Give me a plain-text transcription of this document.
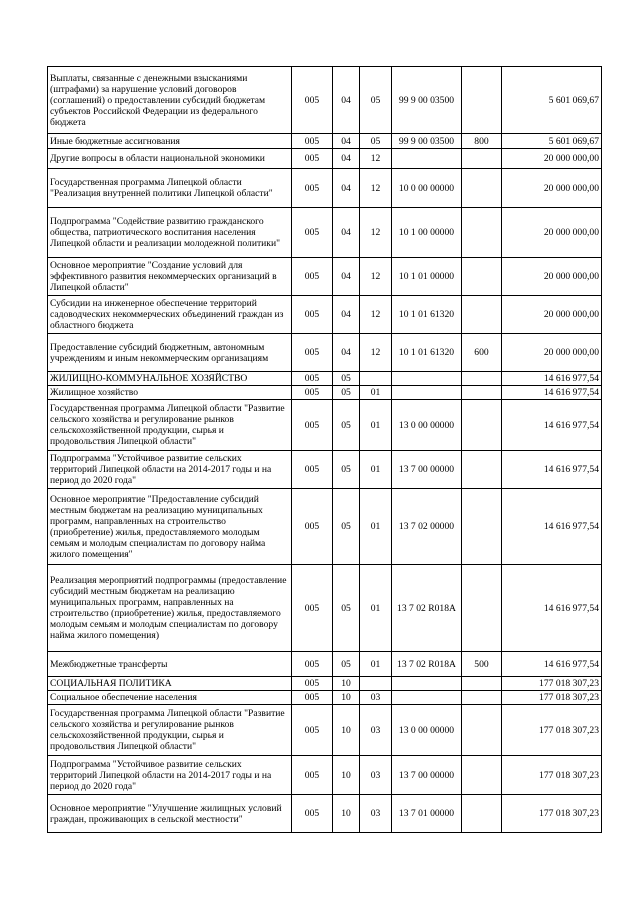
Выплаты, связанные с денежными взысканиями (штрафами) за нарушение условий договоров (соглашений) о предоставлении субсидий бюджетам субъектов Российской Федерации из федерального бюджета	005	04	05	99 9 00 03500		5 601 069,67
Иные бюджетные ассигнования	005	04	05	99 9 00 03500	800	5 601 069,67
Другие вопросы в области национальной экономики	005	04	12			20 000 000,00
Государственная программа Липецкой области "Реализация внутренней политики Липецкой области"	005	04	12	10 0 00 00000		20 000 000,00
Подпрограмма "Содействие развитию гражданского общества, патриотического воспитания населения Липецкой области и реализации молодежной политики"	005	04	12	10 1 00 00000		20 000 000,00
Основное мероприятие "Создание условий для эффективного развития некоммерческих организаций в Липецкой области"	005	04	12	10 1 01 00000		20 000 000,00
Субсидии на инженерное обеспечение территорий садоводческих некоммерческих объединений граждан из областного бюджета	005	04	12	10 1 01 61320		20 000 000,00
Предоставление субсидий бюджетным, автономным учреждениям и иным некоммерческим организациям	005	04	12	10 1 01 61320	600	20 000 000,00
ЖИЛИЩНО-КОММУНАЛЬНОЕ ХОЗЯЙСТВО	005	05				14 616 977,54
Жилищное хозяйство	005	05	01			14 616 977,54
Государственная программа Липецкой области "Развитие сельского хозяйства и регулирование рынков сельскохозяйственной продукции, сырья и продовольствия Липецкой области"	005	05	01	13 0 00 00000		14 616 977,54
Подпрограмма "Устойчивое развитие сельских территорий Липецкой области на 2014-2017 годы и на период до 2020 года"	005	05	01	13 7 00 00000		14 616 977,54
Основное мероприятие "Предоставление субсидий местным бюджетам на реализацию муниципальных программ, направленных на строительство (приобретение) жилья, предоставляемого молодым семьям и молодым специалистам по договору найма жилого помещения"	005	05	01	13 7 02 00000		14 616 977,54
Реализация мероприятий подпрограммы (предоставление субсидий местным бюджетам на реализацию муниципальных программ, направленных на строительство (приобретение) жилья, предоставляемого молодым семьям и молодым специалистам по договору найма жилого помещения)	005	05	01	13 7 02 R018A		14 616 977,54
Межбюджетные трансферты	005	05	01	13 7 02 R018A	500	14 616 977,54
СОЦИАЛЬНАЯ ПОЛИТИКА	005	10				177 018 307,23
Социальное обеспечение населения	005	10	03			177 018 307,23
Государственная программа Липецкой области "Развитие сельского хозяйства и регулирование рынков сельскохозяйственной продукции, сырья и продовольствия Липецкой области"	005	10	03	13 0 00 00000		177 018 307,23
Подпрограмма "Устойчивое развитие сельских территорий Липецкой области на 2014-2017 годы и на период до 2020 года"	005	10	03	13 7 00 00000		177 018 307,23
Основное мероприятие "Улучшение жилищных условий граждан, проживающих в сельской местности"	005	10	03	13 7 01 00000		177 018 307,23
